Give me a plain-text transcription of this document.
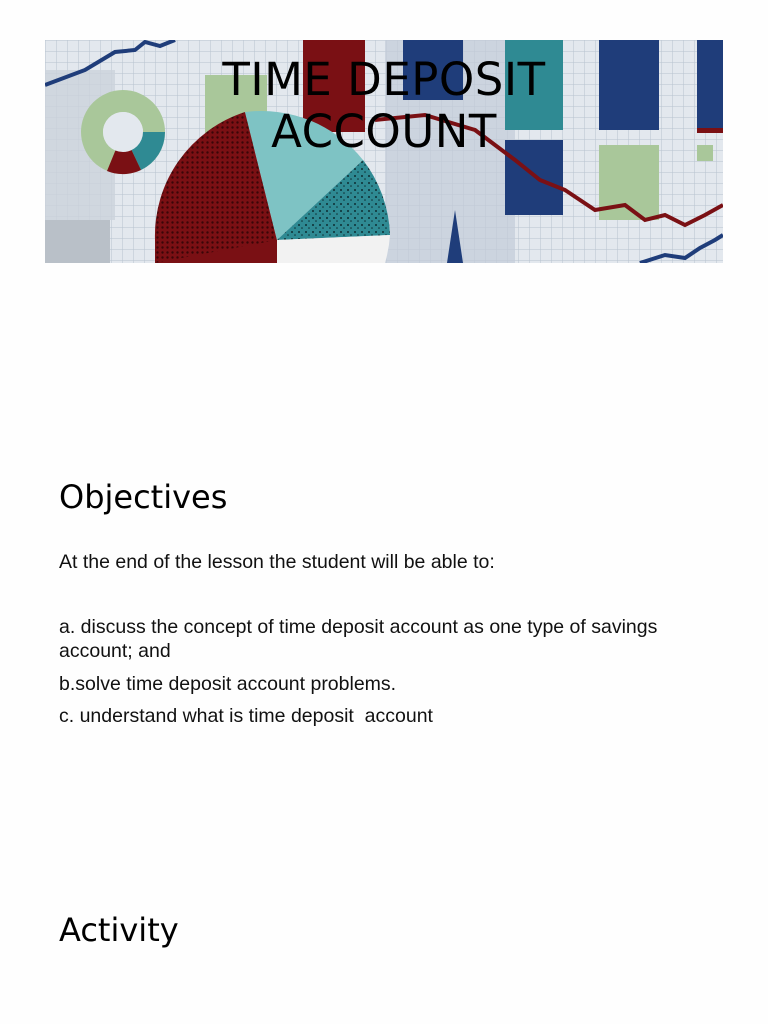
TIME DEPOSIT
ACCOUNT
Objectives
At the end of the lesson the student will be able to:
a. discuss the concept of time deposit account as one type of savings account; and
b.solve time deposit account problems.
c. understand what is time deposit  account
Activity
